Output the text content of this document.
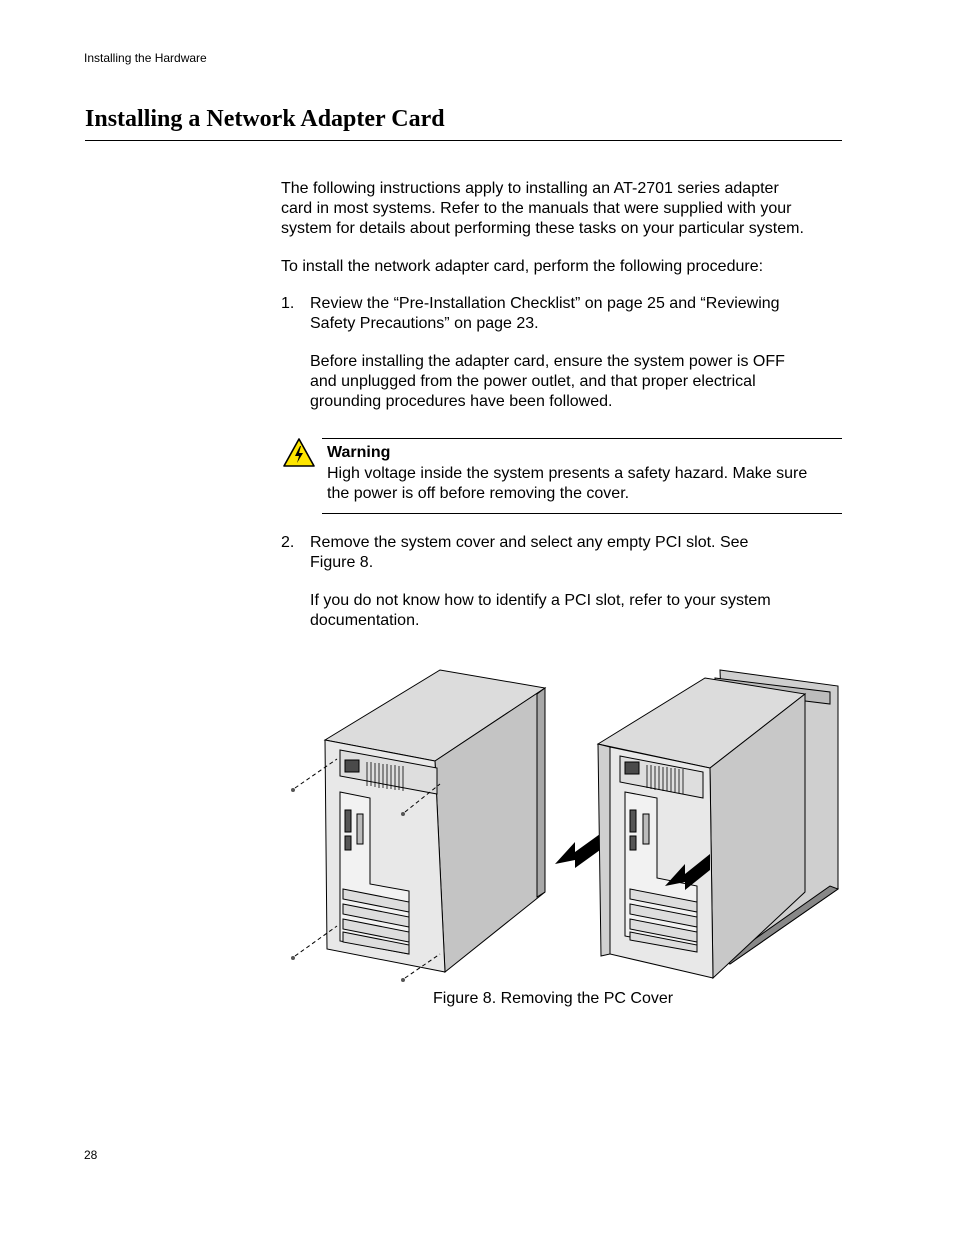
Installing the Hardware
Installing a Network Adapter Card
The following instructions apply to installing an AT-2701 series adapter
card in most systems. Refer to the manuals that were supplied with your
system for details about performing these tasks on your particular system.

To install the network adapter card, perform the following procedure:

1. Review the “Pre-Installation Checklist” on page 25 and “Reviewing
Safety Precautions” on page 23.
Before installing the adapter card, ensure the system power is OFF
and unplugged from the power outlet, and that proper electrical
grounding procedures have been followed.
Warning
High voltage inside the system presents a safety hazard. Make sure
the power is off before removing the cover.
2. Remove the system cover and select any empty PCI slot. See
Figure 8.
If you do not know how to identify a PCI slot, refer to your system
documentation.
Figure 8. Removing the PC Cover
28
